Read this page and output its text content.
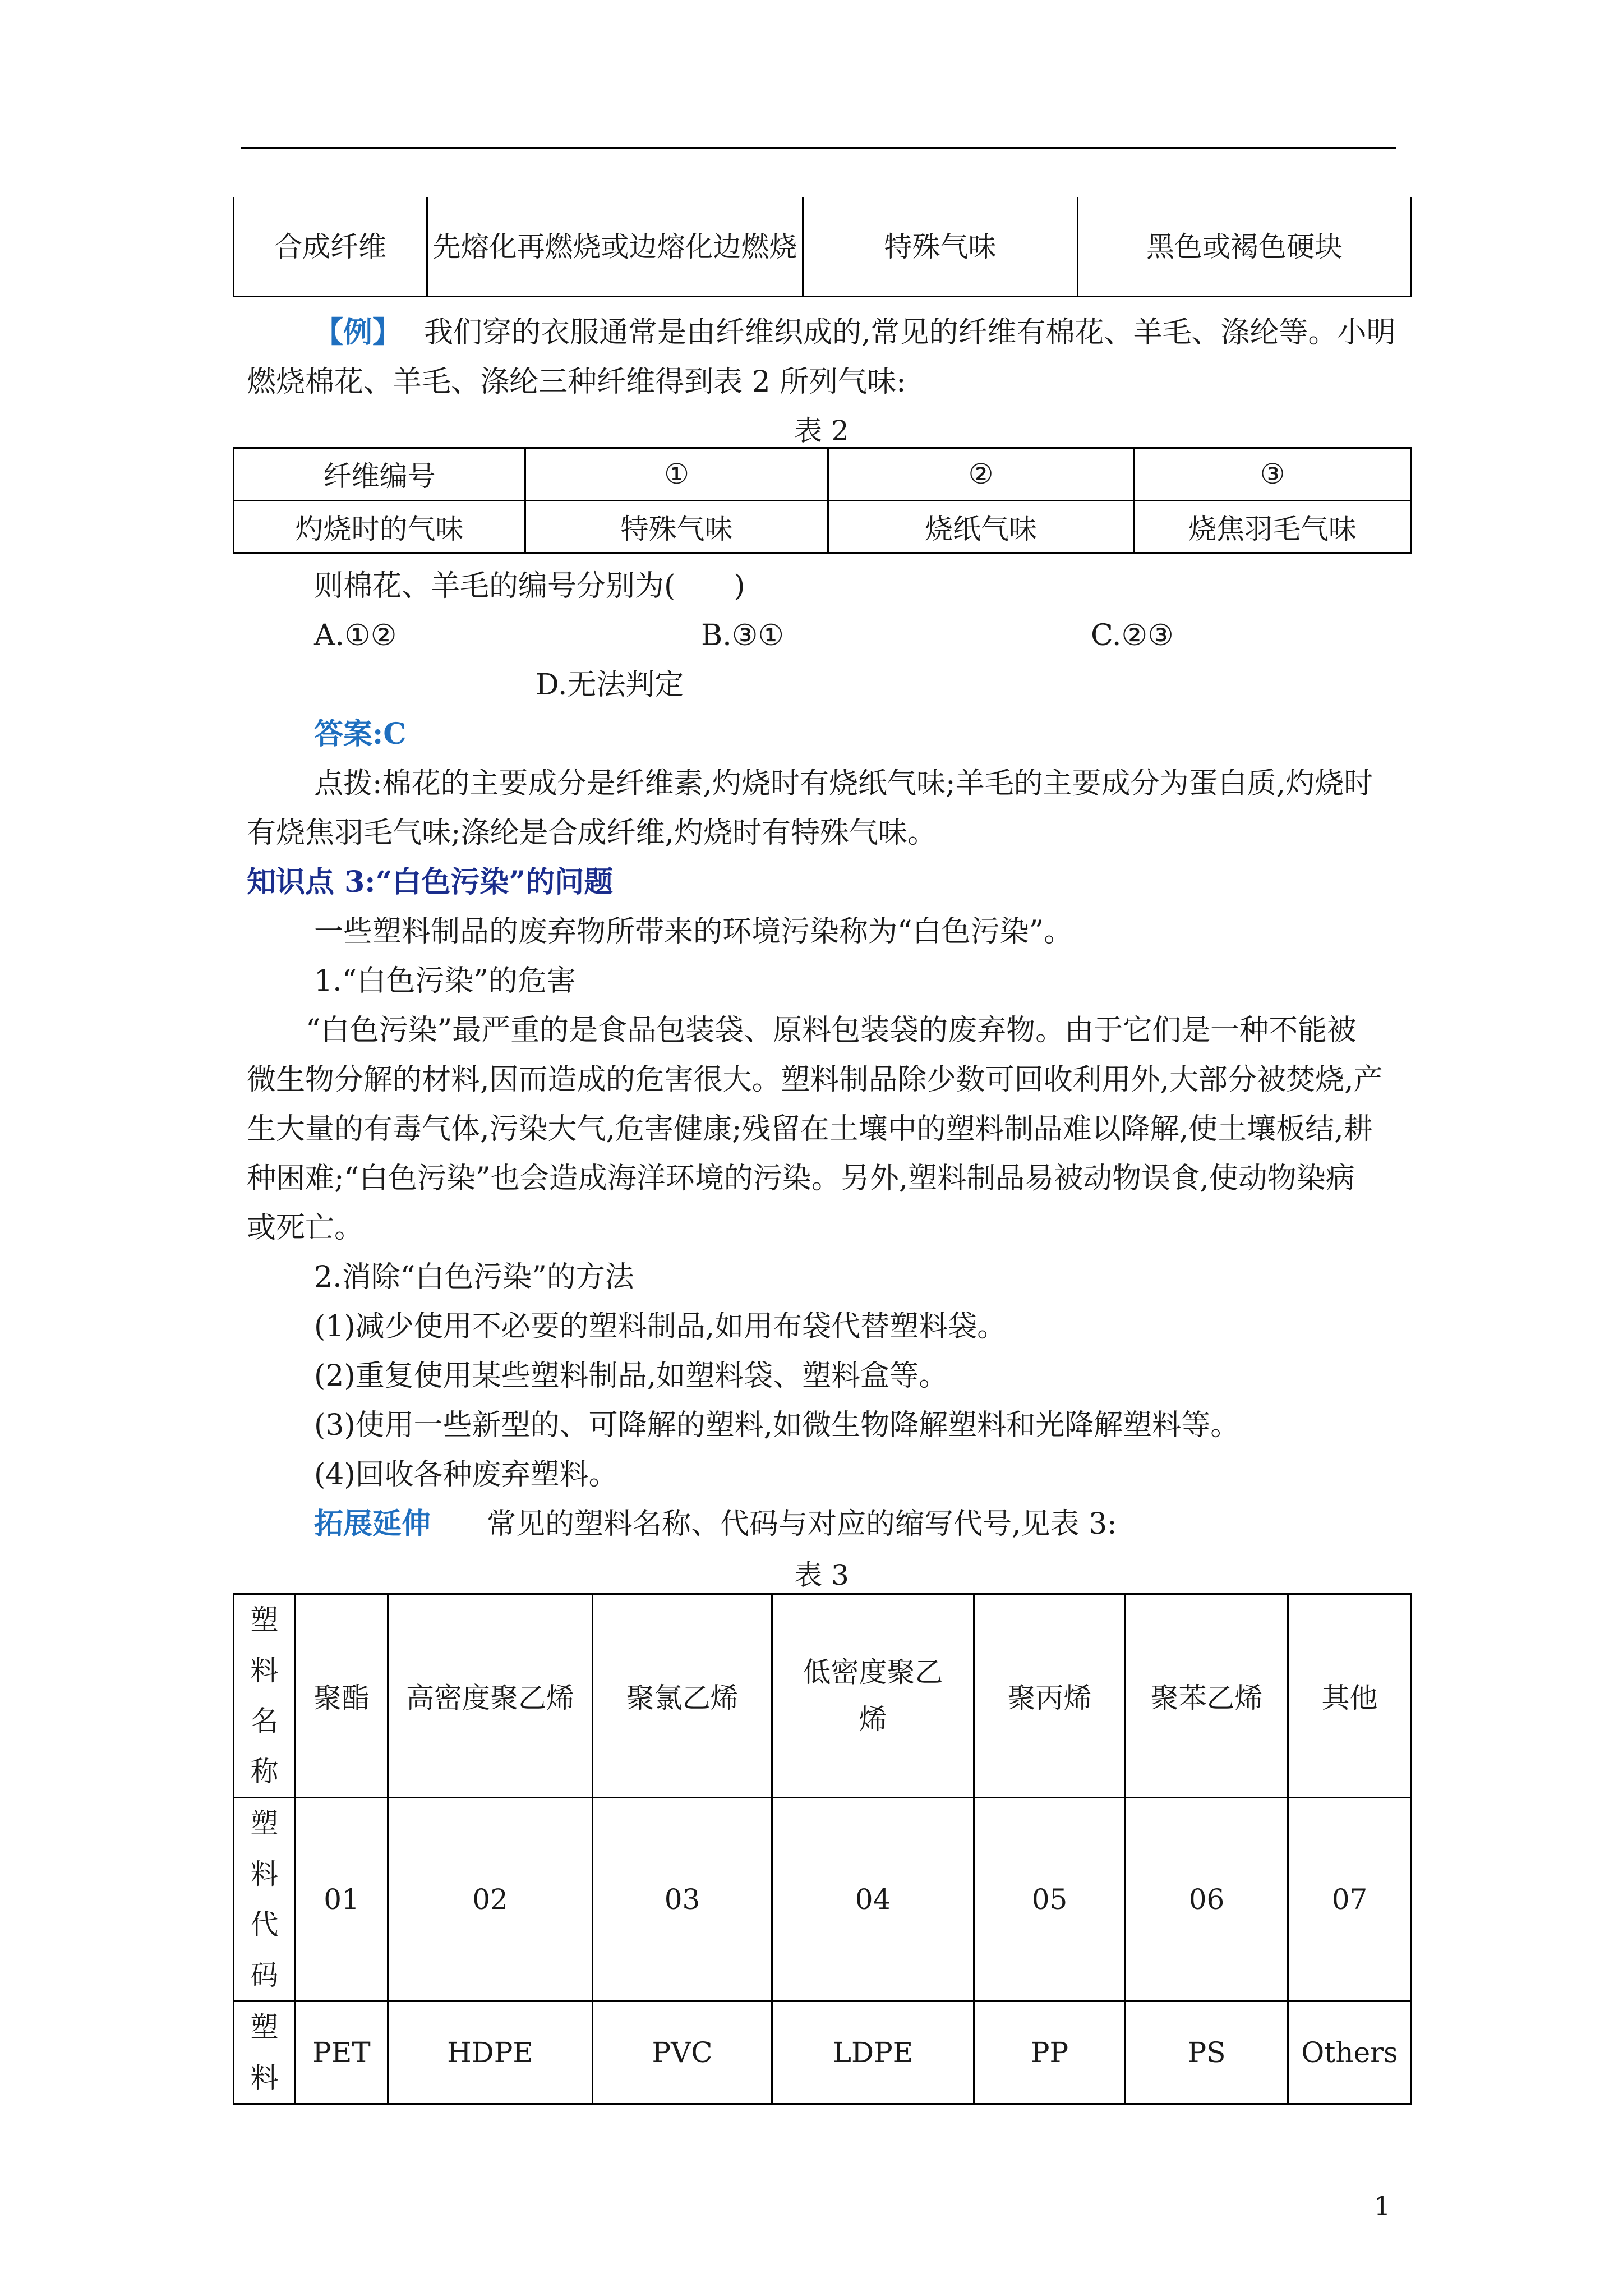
合成纤维	先熔化再燃烧或边熔化边燃烧	特殊气味	黑色或褐色硬块
【例】 我们穿的衣服通常是由纤维织成的,常见的纤维有棉花、羊毛、涤纶等。小明
燃烧棉花、羊毛、涤纶三种纤维得到表 2 所列气味:
表 2
纤维编号	①	②	③
灼烧时的气味	特殊气味	烧纸气味	烧焦羽毛气味
则棉花、羊毛的编号分别为(　　)
A.①②	B.③①	C.②③
D.无法判定
答案:C
点拨:棉花的主要成分是纤维素,灼烧时有烧纸气味;羊毛的主要成分为蛋白质,灼烧时
有烧焦羽毛气味;涤纶是合成纤维,灼烧时有特殊气味。
知识点 3:“白色污染”的问题
一些塑料制品的废弃物所带来的环境污染称为“白色污染”。
1.“白色污染”的危害
“白色污染”最严重的是食品包装袋、原料包装袋的废弃物。由于它们是一种不能被
微生物分解的材料,因而造成的危害很大。塑料制品除少数可回收利用外,大部分被焚烧,产
生大量的有毒气体,污染大气,危害健康;残留在土壤中的塑料制品难以降解,使土壤板结,耕
种困难;“白色污染”也会造成海洋环境的污染。另外,塑料制品易被动物误食,使动物染病
或死亡。
2.消除“白色污染”的方法
(1)减少使用不必要的塑料制品,如用布袋代替塑料袋。
(2)重复使用某些塑料制品,如塑料袋、塑料盒等。
(3)使用一些新型的、可降解的塑料,如微生物降解塑料和光降解塑料等。
(4)回收各种废弃塑料。
拓展延伸 常见的塑料名称、代码与对应的缩写代号,见表 3:
表 3
塑
料
名
称	聚酯	高密度聚乙烯	聚氯乙烯	低密度聚乙烯	聚丙烯	聚苯乙烯	其他
塑
料
代
码	01	02	03	04	05	06	07
塑
料	PET	HDPE	PVC	LDPE	PP	PS	Others
1
